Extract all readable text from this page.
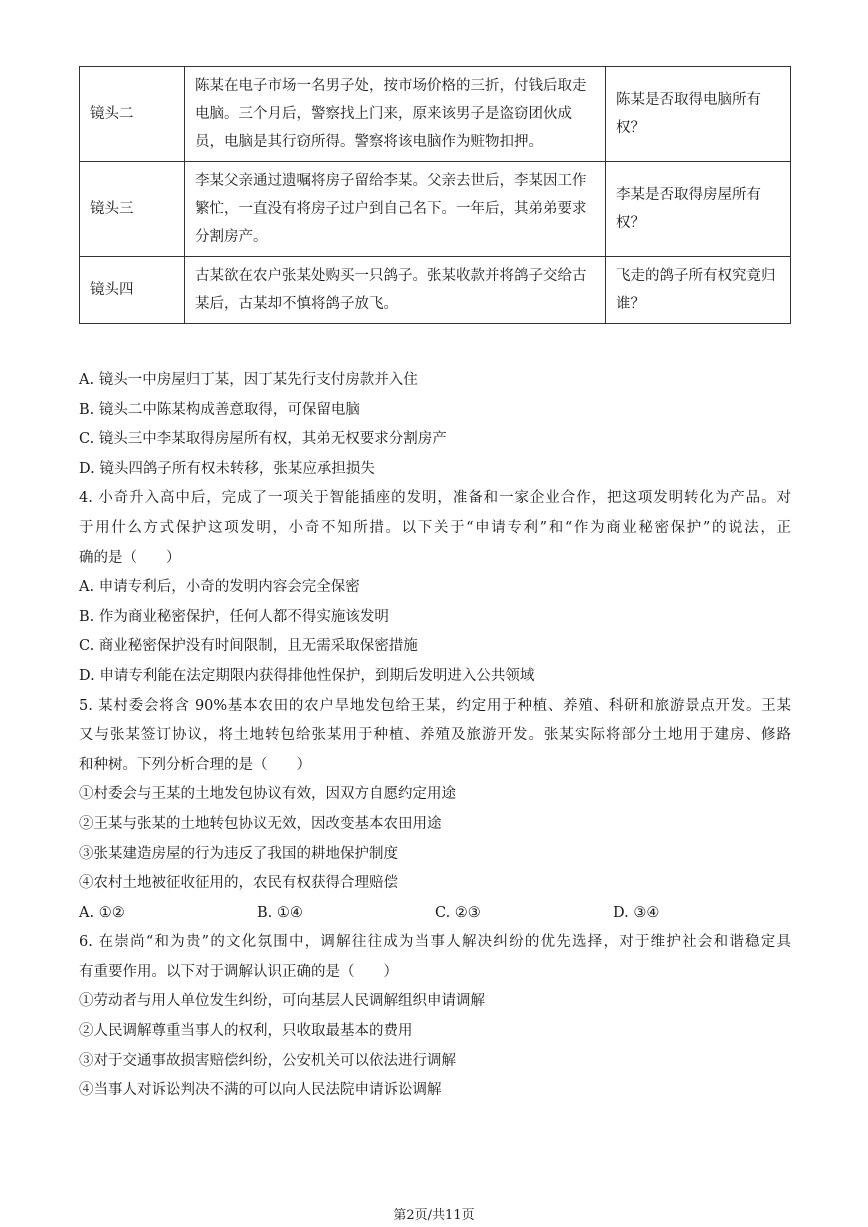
镜头二	陈某在电子市场一名男子处，按市场价格的三折，付钱后取走电脑。三个月后，警察找上门来，原来该男子是盗窃团伙成员，电脑是其行窃所得。警察将该电脑作为赃物扣押。	陈某是否取得电脑所有权？
镜头三	李某父亲通过遗嘱将房子留给李某。父亲去世后，李某因工作繁忙，一直没有将房子过户到自己名下。一年后，其弟弟要求分割房产。	李某是否取得房屋所有权？
镜头四	古某欲在农户张某处购买一只鸽子。张某收款并将鸽子交给古某后，古某却不慎将鸽子放飞。	飞走的鸽子所有权究竟归谁？
A. 镜头一中房屋归丁某，因丁某先行支付房款并入住
B. 镜头二中陈某构成善意取得，可保留电脑
C. 镜头三中李某取得房屋所有权，其弟无权要求分割房产
D. 镜头四鸽子所有权未转移，张某应承担损失
4. 小奇升入高中后，完成了一项关于智能插座的发明，准备和一家企业合作，把这项发明转化为产品。对
于用什么方式保护这项发明，小奇不知所措。以下关于“申请专利”和“作为商业秘密保护”的说法，正
确的是（　　）
A. 申请专利后，小奇的发明内容会完全保密
B. 作为商业秘密保护，任何人都不得实施该发明
C. 商业秘密保护没有时间限制，且无需采取保密措施
D. 申请专利能在法定期限内获得排他性保护，到期后发明进入公共领域
5. 某村委会将含 90%基本农田的农户旱地发包给王某，约定用于种植、养殖、科研和旅游景点开发。王某
又与张某签订协议，将土地转包给张某用于种植、养殖及旅游开发。张某实际将部分土地用于建房、修路
和种树。下列分析合理的是（　　）
①村委会与王某的土地发包协议有效，因双方自愿约定用途
②王某与张某的土地转包协议无效，因改变基本农田用途
③张某建造房屋的行为违反了我国的耕地保护制度
④农村土地被征收征用的，农民有权获得合理赔偿
A. ①②	B. ①④	C. ②③	D. ③④
6. 在崇尚“和为贵”的文化氛围中，调解往往成为当事人解决纠纷的优先选择，对于维护社会和谐稳定具
有重要作用。以下对于调解认识正确的是（　　）
①劳动者与用人单位发生纠纷，可向基层人民调解组织申请调解
②人民调解尊重当事人的权利，只收取最基本的费用
③对于交通事故损害赔偿纠纷，公安机关可以依法进行调解
④当事人对诉讼判决不满的可以向人民法院申请诉讼调解
第2页/共11页
